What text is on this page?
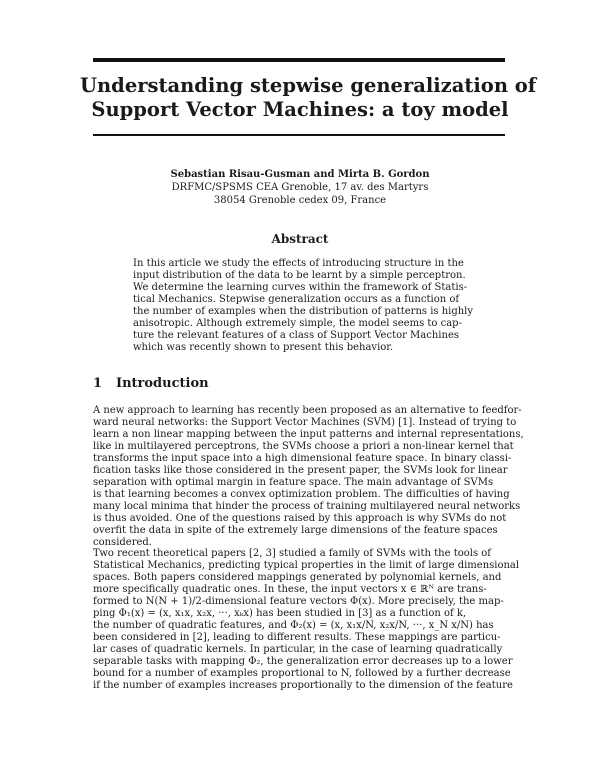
Understanding stepwise generalization of
Support Vector Machines: a toy model
Sebastian Risau-Gusman and Mirta B. Gordon
DRFMC/SPSMS CEA Grenoble, 17 av. des Martyrs
38054 Grenoble cedex 09, France
Abstract
In this article we study the effects of introducing structure in the
input distribution of the data to be learnt by a simple perceptron.
We determine the learning curves within the framework of Statis-
tical Mechanics. Stepwise generalization occurs as a function of
the number of examples when the distribution of patterns is highly
anisotropic. Although extremely simple, the model seems to cap-
ture the relevant features of a class of Support Vector Machines
which was recently shown to present this behavior.
1 Introduction
A new approach to learning has recently been proposed as an alternative to feedfor-
ward neural networks: the Support Vector Machines (SVM) [1]. Instead of trying to
learn a non linear mapping between the input patterns and internal representations,
like in multilayered perceptrons, the SVMs choose a priori a non-linear kernel that
transforms the input space into a high dimensional feature space. In binary classi-
fication tasks like those considered in the present paper, the SVMs look for linear
separation with optimal margin in feature space. The main advantage of SVMs
is that learning becomes a convex optimization problem. The difficulties of having
many local minima that hinder the process of training multilayered neural networks
is thus avoided. One of the questions raised by this approach is why SVMs do not
overfit the data in spite of the extremely large dimensions of the feature spaces
considered.
Two recent theoretical papers [2, 3] studied a family of SVMs with the tools of
Statistical Mechanics, predicting typical properties in the limit of large dimensional
spaces. Both papers considered mappings generated by polynomial kernels, and
more specifically quadratic ones. In these, the input vectors x ∈ ℝᴺ are trans-
formed to N(N + 1)/2-dimensional feature vectors Φ(x). More precisely, the map-
ping Φ₁(x) = (x, x₁x, x₂x, ···, xₖx) has been studied in [3] as a function of k,
the number of quadratic features, and Φ₂(x) = (x, x₁x/N, x₂x/N, ···, x_N x/N) has
been considered in [2], leading to different results. These mappings are particu-
lar cases of quadratic kernels. In particular, in the case of learning quadratically
separable tasks with mapping Φ₂, the generalization error decreases up to a lower
bound for a number of examples proportional to N, followed by a further decrease
if the number of examples increases proportionally to the dimension of the feature
